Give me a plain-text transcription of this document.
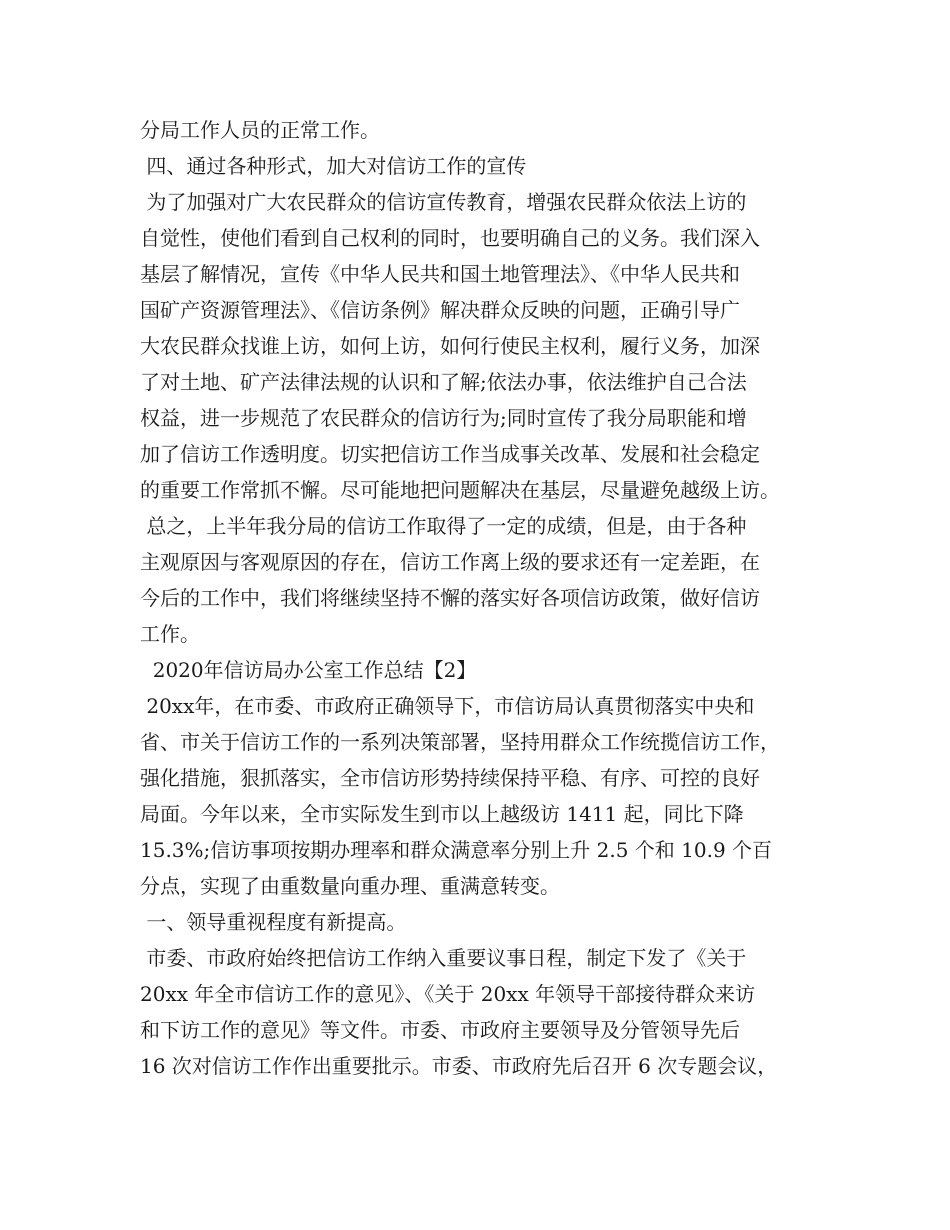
分局工作人员的正常工作。

四、通过各种形式，加大对信访工作的宣传

为了加强对广大农民群众的信访宣传教育，增强农民群众依法上访的

自觉性，使他们看到自己权利的同时，也要明确自己的义务。我们深入

基层了解情况，宣传《中华人民共和国土地管理法》、《中华人民共和

国矿产资源管理法》、《信访条例》解决群众反映的问题，正确引导广

大农民群众找谁上访，如何上访，如何行使民主权利，履行义务，加深

了对土地、矿产法律法规的认识和了解;依法办事，依法维护自己合法

权益，进一步规范了农民群众的信访行为;同时宣传了我分局职能和增

加了信访工作透明度。切实把信访工作当成事关改革、发展和社会稳定

的重要工作常抓不懈。尽可能地把问题解决在基层，尽量避免越级上访。

总之，上半年我分局的信访工作取得了一定的成绩，但是，由于各种

主观原因与客观原因的存在，信访工作离上级的要求还有一定差距，在

今后的工作中，我们将继续坚持不懈的落实好各项信访政策，做好信访

工作。

2020年信访局办公室工作总结【2】

20xx年，在市委、市政府正确领导下，市信访局认真贯彻落实中央和

省、市关于信访工作的一系列决策部署，坚持用群众工作统揽信访工作，

强化措施，狠抓落实，全市信访形势持续保持平稳、有序、可控的良好

局面。今年以来，全市实际发生到市以上越级访 1411 起，同比下降

15.3%;信访事项按期办理率和群众满意率分别上升 2.5 个和 10.9 个百

分点，实现了由重数量向重办理、重满意转变。

一、领导重视程度有新提高。

市委、市政府始终把信访工作纳入重要议事日程，制定下发了《关于

20xx 年全市信访工作的意见》、《关于 20xx 年领导干部接待群众来访

和下访工作的意见》等文件。市委、市政府主要领导及分管领导先后

16 次对信访工作作出重要批示。市委、市政府先后召开 6 次专题会议，
